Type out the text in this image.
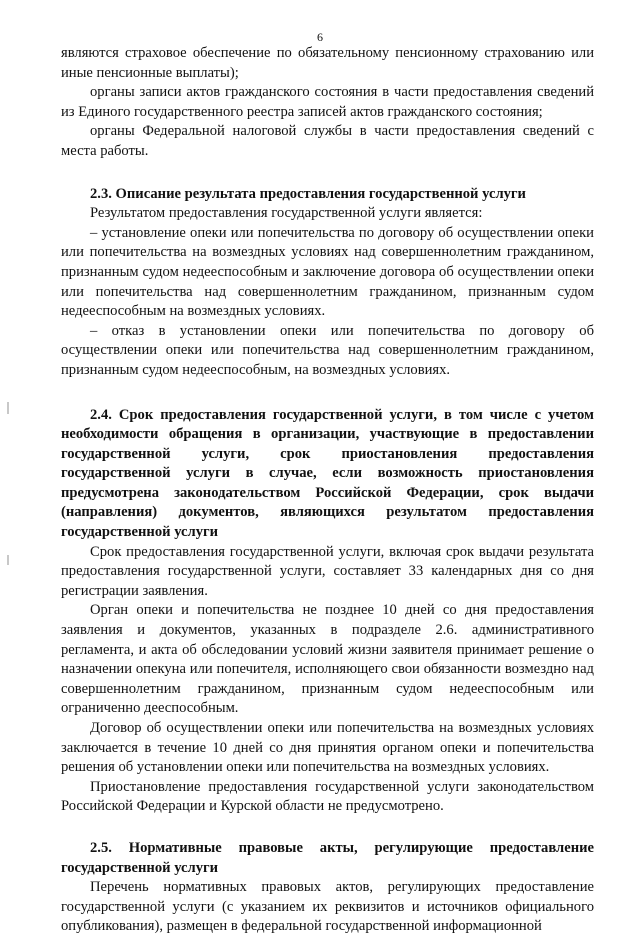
6

являются страховое обеспечение по обязательному пенсионному страхованию или иные пенсионные выплаты);

органы записи актов гражданского состояния в части предоставления сведений из Единого государственного реестра записей актов гражданского состояния;

органы Федеральной налоговой службы в части предоставления сведений с места работы.

2.3. Описание результата предоставления государственной услуги

Результатом предоставления государственной услуги является:

– установление опеки или попечительства по договору об осуществлении опеки или попечительства на возмездных условиях над совершеннолетним гражданином, признанным судом недееспособным и заключение договора об осуществлении опеки или попечительства над совершеннолетним гражданином, признанным судом недееспособным на возмездных условиях.

– отказ в установлении опеки или попечительства по договору об осуществлении опеки или попечительства над совершеннолетним гражданином, признанным судом недееспособным, на возмездных условиях.

2.4. Срок предоставления государственной услуги, в том числе с учетом необходимости обращения в организации, участвующие в предоставлении государственной услуги, срок приостановления предоставления государственной услуги в случае, если возможность приостановления предусмотрена законодательством Российской Федерации, срок выдачи (направления) документов, являющихся результатом предоставления государственной услуги

Срок предоставления государственной услуги, включая срок выдачи результата предоставления государственной услуги, составляет 33 календарных дня со дня регистрации заявления.

Орган опеки и попечительства не позднее 10 дней со дня предоставления заявления и документов, указанных в подразделе 2.6. административного регламента, и акта об обследовании условий жизни заявителя принимает решение о назначении опекуна или попечителя, исполняющего свои обязанности возмездно над совершеннолетним гражданином, признанным судом недееспособным или ограниченно дееспособным.

Договор об осуществлении опеки или попечительства на возмездных условиях заключается в течение 10 дней со дня принятия органом опеки и попечительства решения об установлении опеки или попечительства на возмездных условиях.

Приостановление предоставления государственной услуги законодательством Российской Федерации и Курской области не предусмотрено.

2.5. Нормативные правовые акты, регулирующие предоставление государственной услуги

Перечень нормативных правовых актов, регулирующих предоставление государственной услуги (с указанием их реквизитов и источников официального опубликования), размещен в федеральной государственной информационной
